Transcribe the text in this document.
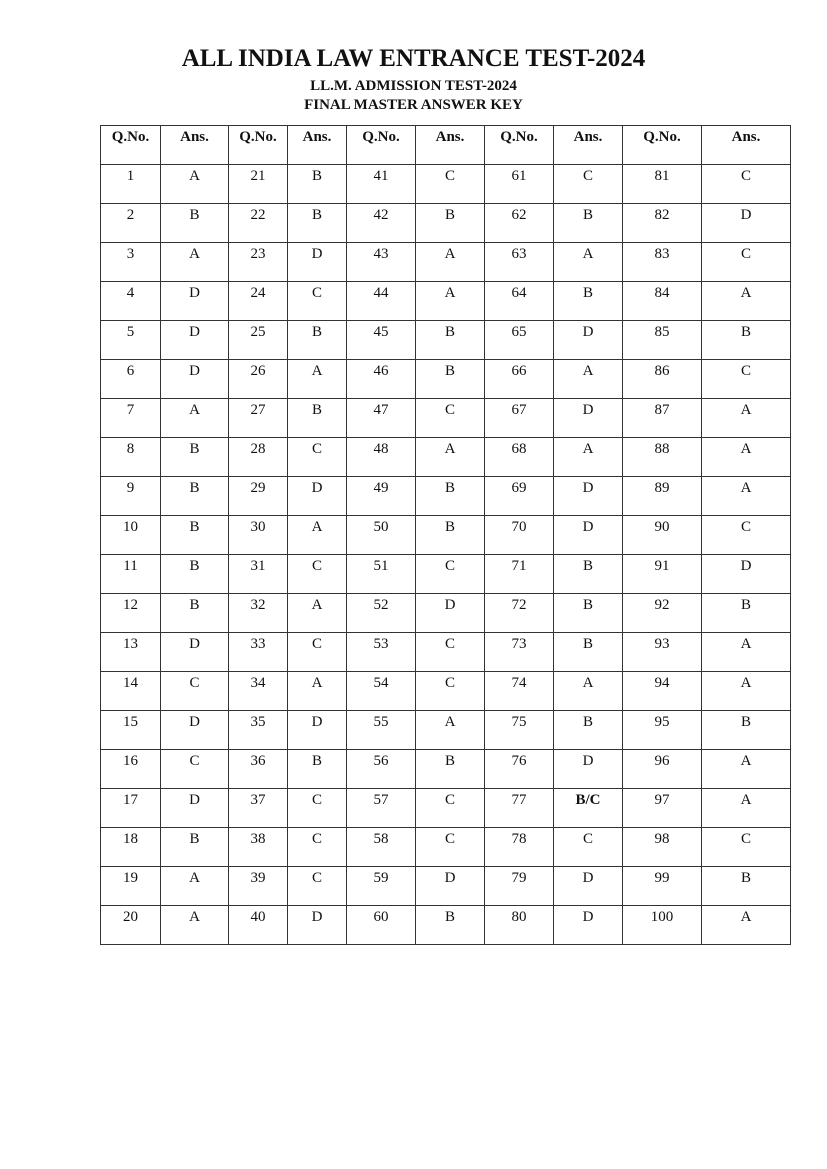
ALL INDIA LAW ENTRANCE TEST-2024
LL.M. ADMISSION TEST-2024
FINAL MASTER ANSWER KEY
Q.No.	Ans.	Q.No.	Ans.	Q.No.	Ans.	Q.No.	Ans.	Q.No.	Ans.
1	A	21	B	41	C	61	C	81	C
2	B	22	B	42	B	62	B	82	D
3	A	23	D	43	A	63	A	83	C
4	D	24	C	44	A	64	B	84	A
5	D	25	B	45	B	65	D	85	B
6	D	26	A	46	B	66	A	86	C
7	A	27	B	47	C	67	D	87	A
8	B	28	C	48	A	68	A	88	A
9	B	29	D	49	B	69	D	89	A
10	B	30	A	50	B	70	D	90	C
11	B	31	C	51	C	71	B	91	D
12	B	32	A	52	D	72	B	92	B
13	D	33	C	53	C	73	B	93	A
14	C	34	A	54	C	74	A	94	A
15	D	35	D	55	A	75	B	95	B
16	C	36	B	56	B	76	D	96	A
17	D	37	C	57	C	77	B/C	97	A
18	B	38	C	58	C	78	C	98	C
19	A	39	C	59	D	79	D	99	B
20	A	40	D	60	B	80	D	100	A
